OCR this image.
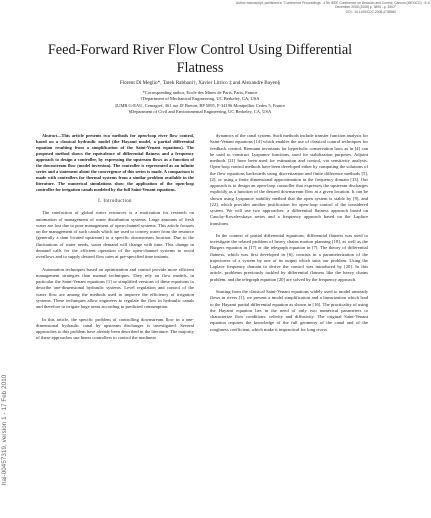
Author manuscript, published in "Conference Proceedings - 47th IEEE Conference on Decision and Control, Cancun (MEXICO) : 9-11
December 2008 (2008) p. 3895 - p. 3902"
DOI : 10.1109/CDC.2008.4738960
hal-00457319, version 1 - 17 Feb 2010
Feed-Forward River Flow Control Using Differential Flatness
Florent Di Meglio*, Tarek Rabbani†, Xavier Litrico ‡ and Alexandre Bayen§
*Corresponding author, Ecole des Mines de Paris, Paris, France
†Department of Mechanical Engineering, UC Berkeley, CA, USA
‡UMR G-EAU, Cemagref, 361 rue JF Breton, BP 5095, F-34196 Montpellier Cedex 5, France
§Department of Civil and Environmental Engineering, UC Berkeley, CA, USA

Abstract—This article presents two methods for open-loop river flow control, based on a classical hydraulic model (the Hayami model, a partial differential equation resulting from a simplification of the Saint-Venant equations). The proposed method shows the equivalence of differential flatness and a frequency approach to design a controller, by expressing the upstream flows as a function of the downstream flow (model inversion). The controller is represented as an infinite series and a statement about the convergence of this series is made. A comparison is made with controllers for thermal systems from a similar problem available in the literature. The numerical simulations show the application of the open-loop controller for irrigation canals modeled by the full Saint-Venant equations.

I. Introduction

The rarefaction of global water resources is a motivation for research on automation of management of water distribution systems. Large amounts of fresh water are lost due to poor management of open-channel systems. This article focuses on the management of such canals which are used to convey water from the resource (generally a dam located upstream) to a specific downstream location. Due to the fluctuations of water needs, water demand will change with time. This change in demand calls for the efficient operation of the open-channel systems to avoid overflows and to supply desired flow rates at pre-specified time instants.

Automation techniques based on optimization and control provide more efficient management strategies than manual techniques. They rely on flow models, in particular the Saint-Venant equations [1] or simplified versions of these equations to describe one-dimensional hydraulic systems. Level regulation and control of the water flow are among the methods used to improve the efficiency of irrigation systems. These techniques allow engineers to regulate the flow in hydraulic canals and therefore to irrigate large areas according to predicted consumption.

In this article, the specific problem of controlling downstream flow in a one-dimensional hydraulic canal by upstream discharges is investigated. Several approaches to this problem have already been described in the literature. The majority of these approaches use linear controllers to control the nonlinear

dynamics of the canal system. Such methods include transfer function analysis for Saint-Venant equations [14] which enables the use of classical control techniques for feedback control. Riemann invariants for hyperbolic conservation laws as in [4] can be used to construct Lyapunov functions, used for stabilization purposes. Adjoint methods [21] have been used for estimation and control, via sensitivity analysis. Open-loop control methods have been developed either by computing the solutions of the flow equations backwards using discretization and finite difference methods [5], [2], or using a finite dimensional approximation in the frequency domain [13]. Our approach is to design an open-loop controller that expresses the upstream discharges explicitly as a function of the desired downstream flow at a given location. It can be shown using Lyapunov stability method that the open system is stable by [9], and [22], which provides another justification for open-loop control of the considered system. We will use two approaches: a differential flatness approach based on Cauchy-Kovalevskaya series and a frequency approach based on the Laplace transform.

In the context of partial differential equations, differential flatness was used to investigate the related problem of heavy chains motion planning [18], as well as the Burgers equation in [17] or the telegraph equation in [7]. The theory of differential flatness, which was first developed in [6], consists in a parameterization of the trajectories of a system by one of its output which suits our problem. Using the Laplace frequency domain to derive the control was introduced by [20]. In this article, problems previously tackled by differential flatness like the heavy chains problem, and the telegraph equation [20] are solved by the frequency approach.

Starting from the classical Saint-Venant equations widely used to model unsteady flows in rivers [1], we present a model simplification and a linearization which lead to the Hayami partial differential equation as shown in [16]. The practicality of using the Hayami equation lies in the need of only two numerical parameters to characterize flow conditions: celerity and diffusivity. The original Saint-Venant equation requires the knowledge of the full geometry of the canal and of the roughness coefficient, which make it impractical for long rivers
